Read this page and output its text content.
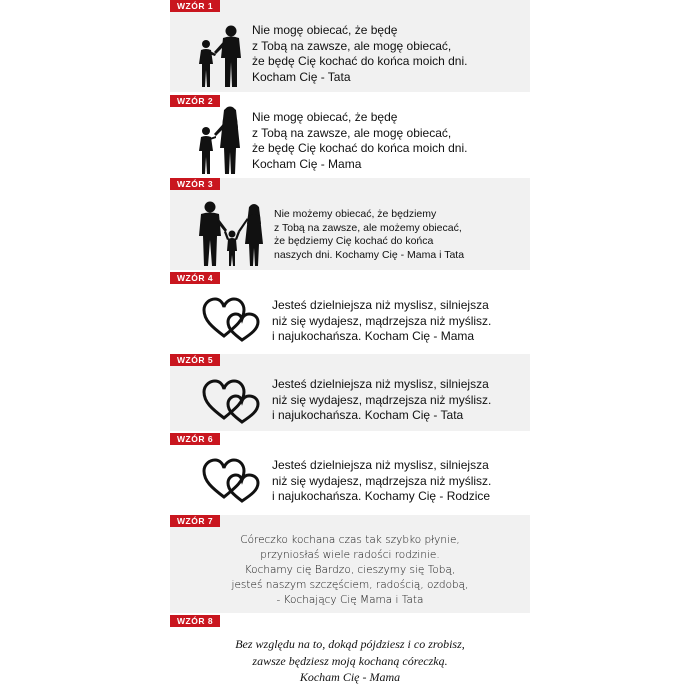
WZÓR 1
Nie mogę obiecać, że będę
z Tobą na zawsze, ale mogę obiecać,
że będę Cię kochać do końca moich dni.
Kocham Cię - Tata
WZÓR 2
Nie mogę obiecać, że będę
z Tobą na zawsze, ale mogę obiecać,
że będę Cię kochać do końca moich dni.
Kocham Cię - Mama
WZÓR 3
Nie możemy obiecać, że będziemy
z Tobą na zawsze, ale możemy obiecać,
że będziemy Cię kochać do końca
naszych dni. Kochamy Cię - Mama i Tata
WZÓR 4
Jesteś dzielniejsza niż myslisz, silniejsza
niż się wydajesz, mądrzejsza niż myślisz.
i najukochańsza. Kocham Cię - Mama
WZÓR 5
Jesteś dzielniejsza niż myslisz, silniejsza
niż się wydajesz, mądrzejsza niż myślisz.
i najukochańsza. Kocham Cię - Tata
WZÓR 6
Jesteś dzielniejsza niż myslisz, silniejsza
niż się wydajesz, mądrzejsza niż myślisz.
i najukochańsza. Kochamy Cię - Rodzice
WZÓR 7
Córeczko kochana czas tak szybko płynie,
przyniosłaś wiele radości rodzinie.
Kochamy cię Bardzo, cieszymy się Tobą,
jesteś naszym szczęściem, radością, ozdobą,
- Kochający Cię Mama i Tata
WZÓR 8
Bez względu na to, dokąd pójdziesz i co zrobisz,
zawsze będziesz moją kochaną córeczką.
Kocham Cię - Mama
